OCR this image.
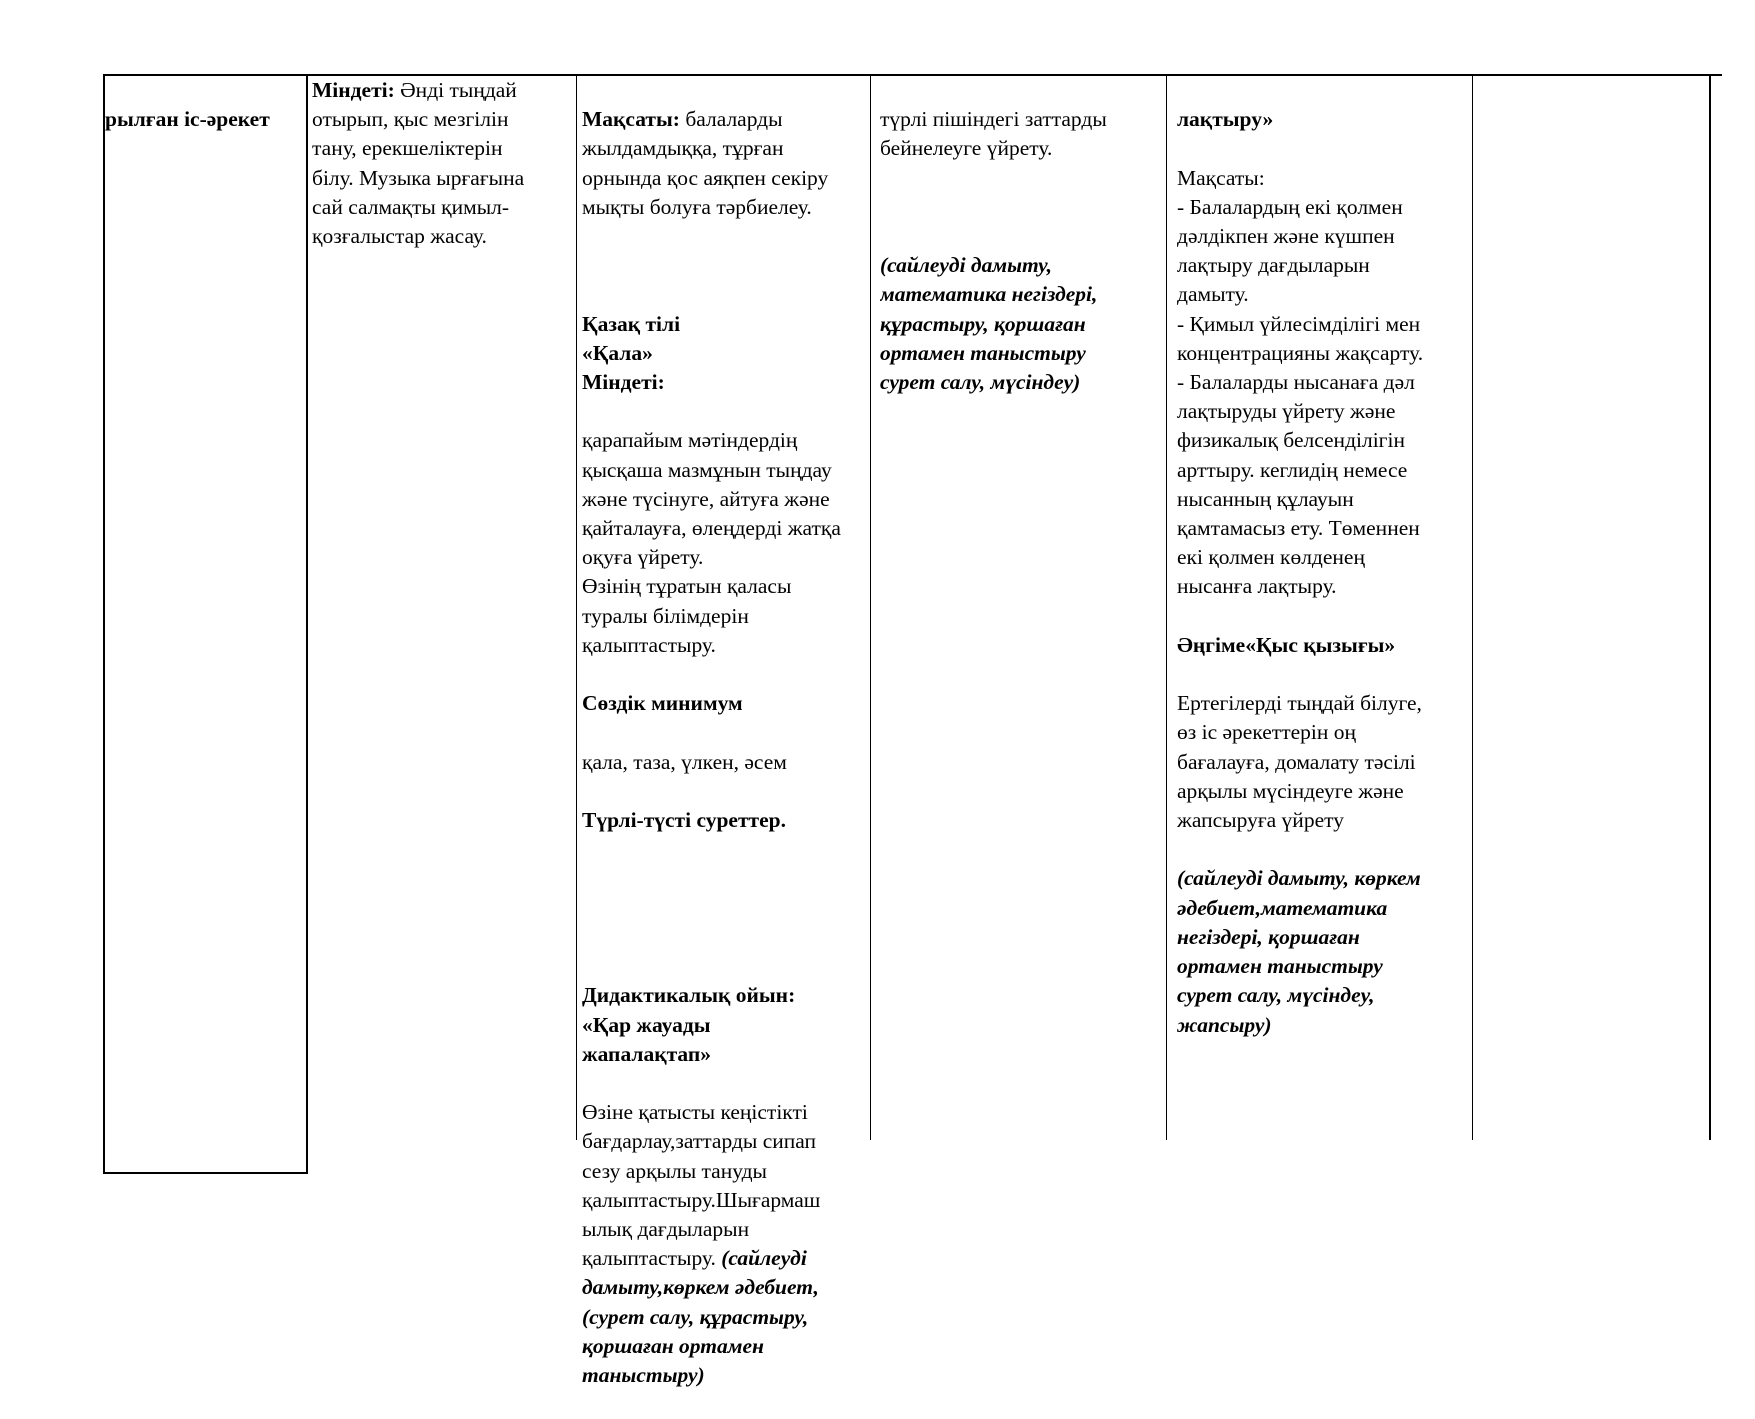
рылған іс-әрекет

Міндеті: Әнді тыңдай
отырып, қыс мезгілін
тану, ерекшеліктерін
білу. Музыка ырғағына
сай салмақты қимыл-
қозғалыстар жасау.

Мақсаты: балаларды
жылдамдыққа, тұрған
орнында қос аяқпен секіру
мықты болуға тәрбиелеу.

Қазақ тілі
«Қала»
Міндеті:

қарапайым мәтіндердің
қысқаша мазмұнын тыңдау
және түсінуге, айтуға және
қайталауға, өлеңдерді жатқа
оқуға үйрету.
Өзінің тұратын қаласы
туралы білімдерін
қалыптастыру.

Сөздік минимум

қала, таза, үлкен, әсем

Түрлі-түсті суреттер.

Дидактикалық ойын:
«Қар жауады
жапалақтап»

Өзіне қатысты кеңістікті
бағдарлау,заттарды сипап
сезу арқылы тануды
қалыптастыру.Шығармаш
ылық дағдыларын
қалыптастыру. (сайлеуді
дамыту,көркем әдебиет,
(сурет салу, құрастыру,
қоршаған ортамен
таныстыру)

түрлі пішіндегі заттарды
бейнелеуге үйрету.

(сайлеуді дамыту,
математика негіздері,
құрастыру, қоршаған
ортамен таныстыру
сурет салу, мүсіндеу)

лақтыру»

Мақсаты:
- Балалардың екі қолмен
дәлдікпен және күшпен
лақтыру дағдыларын
дамыту.
- Қимыл үйлесімділігі мен
концентрацияны жақсарту.
- Балаларды нысанаға дәл
лақтыруды үйрету және
физикалық белсенділігін
арттыру. кеглидің немесе
нысанның құлауын
қамтамасыз ету. Төменнен
екі қолмен көлденең
нысанға лақтыру.

Әңгіме«Қыс қызығы»

Ертегілерді тыңдай білуге,
өз іс әрекеттерін оң
бағалауға, домалату тәсілі
арқылы мүсіндеуге және
жапсыруға үйрету

(сайлеуді дамыту, көркем
әдебиет,математика
негіздері, қоршаған
ортамен таныстыру
сурет салу, мүсіндеу,
жапсыру)
